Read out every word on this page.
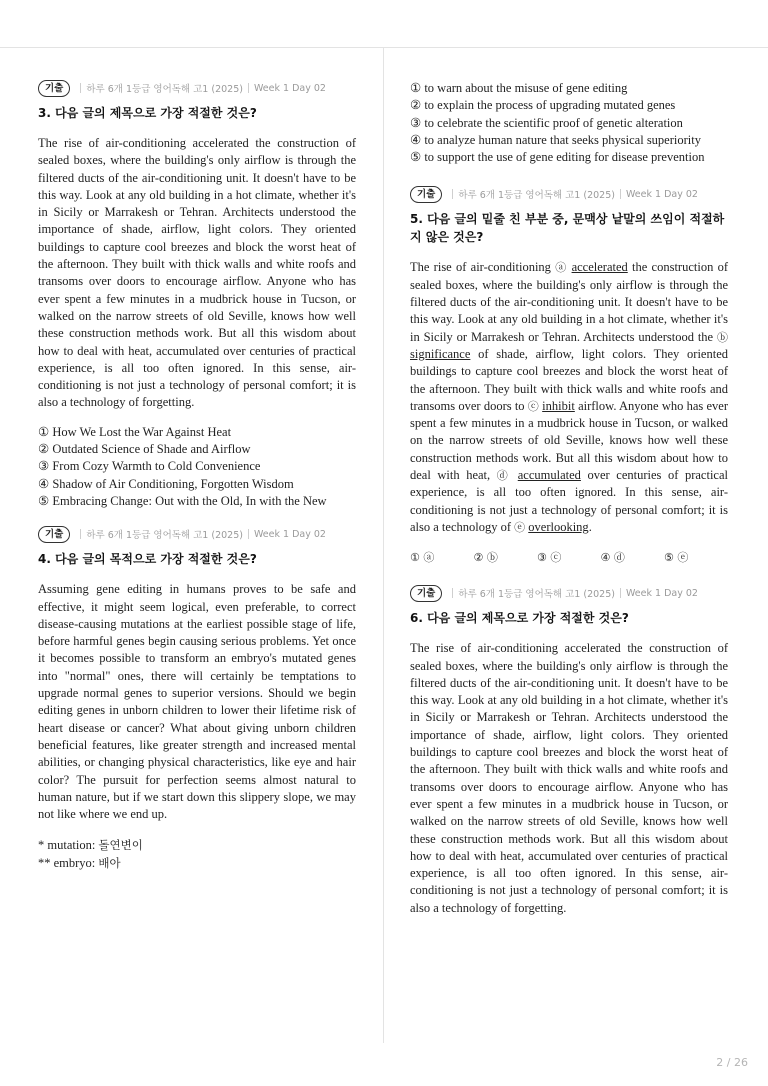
기출	하루 6개 1등급 영어독해 고1 (2025) Week 1 Day 02
3. 다음 글의 제목으로 가장 적절한 것은?

The rise of air-conditioning accelerated the construction of sealed boxes, where the building's only airflow is through the filtered ducts of the air-conditioning unit. It doesn't have to be this way. Look at any old building in a hot climate, whether it's in Sicily or Marrakesh or Tehran. Architects understood the importance of shade, airflow, light colors. They oriented buildings to capture cool breezes and block the worst heat of the afternoon. They built with thick walls and white roofs and transoms over doors to encourage airflow. Anyone who has ever spent a few minutes in a mudbrick house in Tucson, or walked on the narrow streets of old Seville, knows how well these construction methods work. But all this wisdom about how to deal with heat, accumulated over centuries of practical experience, is all too often ignored. In this sense, air-conditioning is not just a technology of personal comfort; it is also a technology of forgetting.

① How We Lost the War Against Heat
② Outdated Science of Shade and Airflow
③ From Cozy Warmth to Cold Convenience
④ Shadow of Air Conditioning, Forgotten Wisdom
⑤ Embracing Change: Out with the Old, In with the New
기출	하루 6개 1등급 영어독해 고1 (2025) Week 1 Day 02
4. 다음 글의 목적으로 가장 적절한 것은?

Assuming gene editing in humans proves to be safe and effective, it might seem logical, even preferable, to correct disease-causing mutations at the earliest possible stage of life, before harmful genes begin causing serious problems. Yet once it becomes possible to transform an embryo's mutated genes into "normal" ones, there will certainly be temptations to upgrade normal genes to superior versions. Should we begin editing genes in unborn children to lower their lifetime risk of heart disease or cancer? What about giving unborn children beneficial features, like greater strength and increased mental abilities, or changing physical characteristics, like eye and hair color? The pursuit for perfection seems almost natural to human nature, but if we start down this slippery slope, we may not like where we end up.

* mutation: 돌연변이
** embryo: 배아
① to warn about the misuse of gene editing
② to explain the process of upgrading mutated genes
③ to celebrate the scientific proof of genetic alteration
④ to analyze human nature that seeks physical superiority
⑤ to support the use of gene editing for disease prevention
기출	하루 6개 1등급 영어독해 고1 (2025) Week 1 Day 02
5. 다음 글의 밑줄 친 부분 중, 문맥상 낱말의 쓰임이 적절하지 않은 것은?

The rise of air-conditioning ⓐ accelerated the construction of sealed boxes, where the building's only airflow is through the filtered ducts of the air-conditioning unit. It doesn't have to be this way. Look at any old building in a hot climate, whether it's in Sicily or Marrakesh or Tehran. Architects understood the ⓑ significance of shade, airflow, light colors. They oriented buildings to capture cool breezes and block the worst heat of the afternoon. They built with thick walls and white roofs and transoms over doors to ⓒ inhibit airflow. Anyone who has ever spent a few minutes in a mudbrick house in Tucson, or walked on the narrow streets of old Seville, knows how well these construction methods work. But all this wisdom about how to deal with heat, ⓓ accumulated over centuries of practical experience, is all too often ignored. In this sense, air-conditioning is not just a technology of personal comfort; it is also a technology of ⓔ overlooking.

① ⓐ	② ⓑ	③ ⓒ	④ ⓓ	⑤ ⓔ
기출	하루 6개 1등급 영어독해 고1 (2025) Week 1 Day 02
6. 다음 글의 제목으로 가장 적절한 것은?

The rise of air-conditioning accelerated the construction of sealed boxes, where the building's only airflow is through the filtered ducts of the air-conditioning unit. It doesn't have to be this way. Look at any old building in a hot climate, whether it's in Sicily or Marrakesh or Tehran. Architects understood the importance of shade, airflow, light colors. They oriented buildings to capture cool breezes and block the worst heat of the afternoon. They built with thick walls and white roofs and transoms over doors to encourage airflow. Anyone who has ever spent a few minutes in a mudbrick house in Tucson, or walked on the narrow streets of old Seville, knows how well these construction methods work. But all this wisdom about how to deal with heat, accumulated over centuries of practical experience, is all too often ignored. In this sense, air-conditioning is not just a technology of personal comfort; it is also a technology of forgetting.

2 / 26
